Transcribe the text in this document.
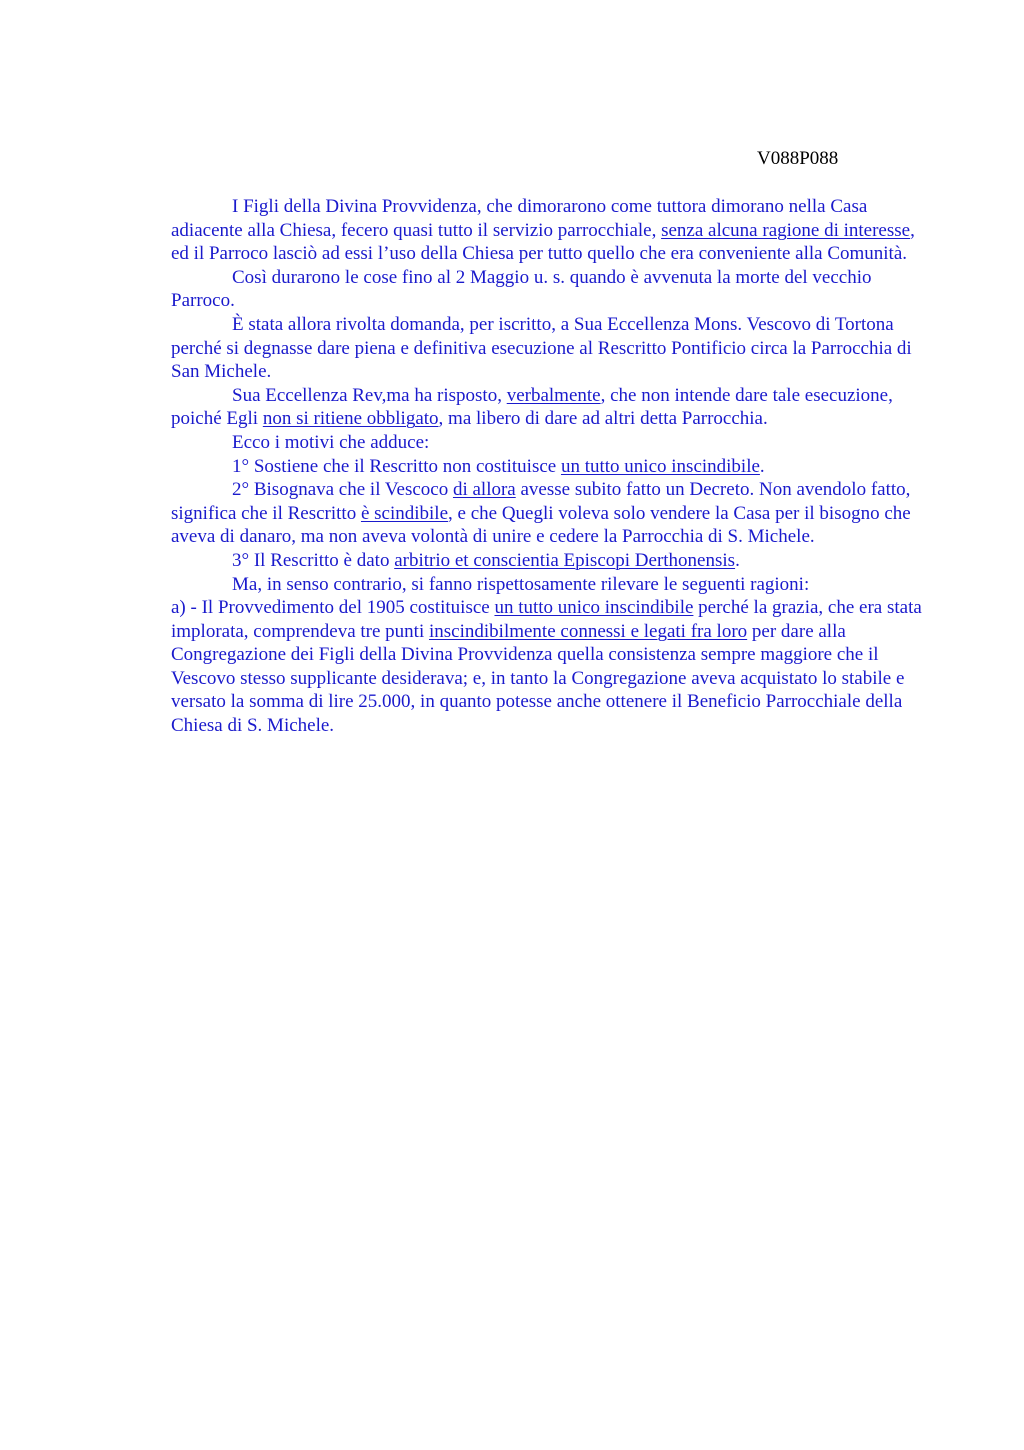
V088P088

I Figli della Divina Provvidenza, che dimorarono come tuttora dimorano nella Casa adiacente alla Chiesa, fecero quasi tutto il servizio parrocchiale, senza alcuna ragione di interesse, ed il Parroco lasciò ad essi l’uso della Chiesa per tutto quello che era conveniente alla Comunità.

Così durarono le cose fino al 2 Maggio u. s. quando è avvenuta la morte del vecchio Parroco.

È stata allora rivolta domanda, per iscritto, a Sua Eccellenza Mons. Vescovo di Tortona perché si degnasse dare piena e definitiva esecuzione al Rescritto Pontificio circa la Parrocchia di San Michele.

Sua Eccellenza Rev,ma ha risposto, verbalmente, che non intende dare tale esecuzione, poiché Egli non si ritiene obbligato, ma libero di dare ad altri detta Parrocchia.

Ecco i motivi che adduce:

1° Sostiene che il Rescritto non costituisce un tutto unico inscindibile.

2° Bisognava che il Vescoco di allora avesse subito fatto un Decreto. Non avendolo fatto, significa che il Rescritto è scindibile, e che Quegli voleva solo vendere la Casa per il bisogno che aveva di danaro, ma non aveva volontà di unire e cedere la Parrocchia di S. Michele.

3° Il Rescritto è dato arbitrio et conscientia Episcopi Derthonensis.

Ma, in senso contrario, si fanno rispettosamente rilevare le seguenti ragioni:

a) - Il Provvedimento del 1905 costituisce un tutto unico inscindibile perché la grazia, che era stata implorata, comprendeva tre punti inscindibilmente connessi e legati fra loro per dare alla Congregazione dei Figli della Divina Provvidenza quella consistenza sempre maggiore che il Vescovo stesso supplicante desiderava; e, in tanto la Congregazione aveva acquistato lo stabile e versato la somma di lire 25.000, in quanto potesse anche ottenere il Beneficio Parrocchiale della Chiesa di S. Michele.
